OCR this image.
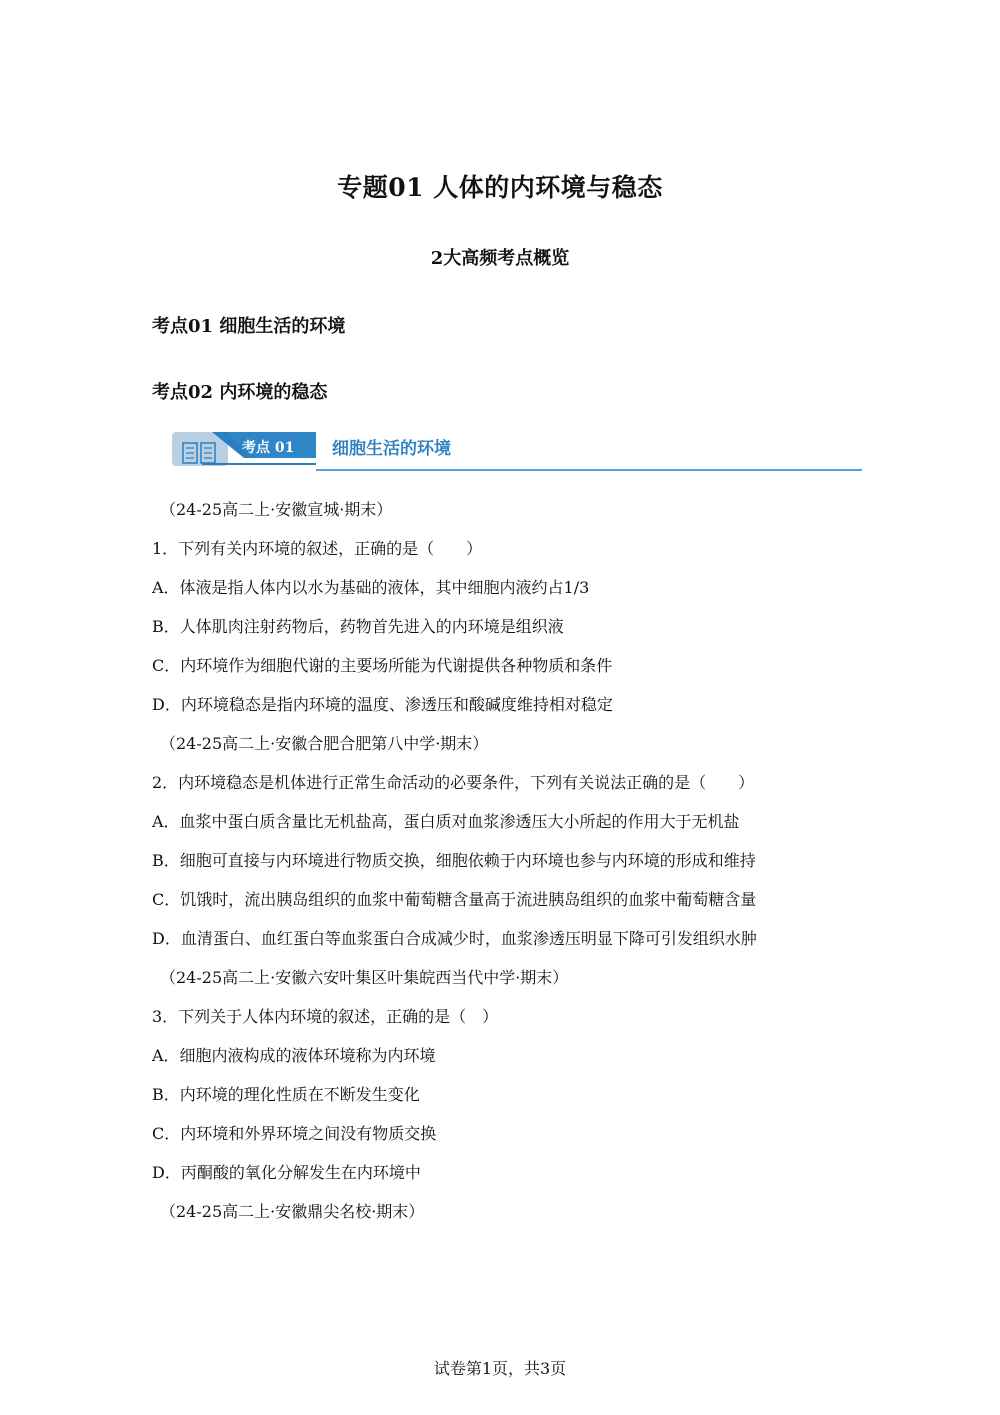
专题01 人体的内环境与稳态
2大高频考点概览
考点01 细胞生活的环境
考点02 内环境的稳态
考点 01 细胞生活的环境
（24-25高二上·安徽宣城·期末）
1．下列有关内环境的叙述，正确的是（　　）
A．体液是指人体内以水为基础的液体，其中细胞内液约占1/3
B．人体肌肉注射药物后，药物首先进入的内环境是组织液
C．内环境作为细胞代谢的主要场所能为代谢提供各种物质和条件
D．内环境稳态是指内环境的温度、渗透压和酸碱度维持相对稳定
（24-25高二上·安徽合肥合肥第八中学·期末）
2．内环境稳态是机体进行正常生命活动的必要条件，下列有关说法正确的是（　　）
A．血浆中蛋白质含量比无机盐高，蛋白质对血浆渗透压大小所起的作用大于无机盐
B．细胞可直接与内环境进行物质交换，细胞依赖于内环境也参与内环境的形成和维持
C．饥饿时，流出胰岛组织的血浆中葡萄糖含量高于流进胰岛组织的血浆中葡萄糖含量
D．血清蛋白、血红蛋白等血浆蛋白合成减少时，血浆渗透压明显下降可引发组织水肿
（24-25高二上·安徽六安叶集区叶集皖西当代中学·期末）
3．下列关于人体内环境的叙述，正确的是（　）
A．细胞内液构成的液体环境称为内环境
B．内环境的理化性质在不断发生变化
C．内环境和外界环境之间没有物质交换
D．丙酮酸的氧化分解发生在内环境中
（24-25高二上·安徽鼎尖名校·期末）
试卷第1页，共3页
